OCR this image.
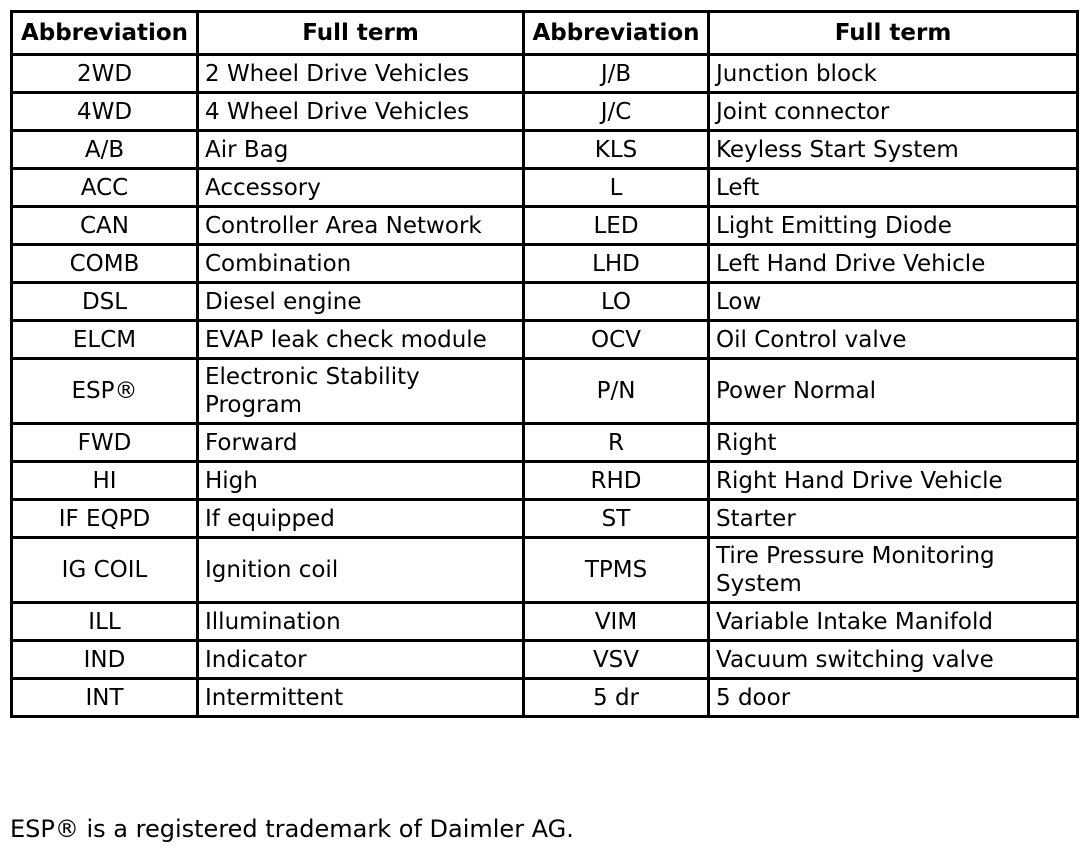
Abbreviation	Full term	Abbreviation	Full term
2WD	2 Wheel Drive Vehicles	J/B	Junction block
4WD	4 Wheel Drive Vehicles	J/C	Joint connector
A/B	Air Bag	KLS	Keyless Start System
ACC	Accessory	L	Left
CAN	Controller Area Network	LED	Light Emitting Diode
COMB	Combination	LHD	Left Hand Drive Vehicle
DSL	Diesel engine	LO	Low
ELCM	EVAP leak check module	OCV	Oil Control valve
ESP®	Electronic Stability Program	P/N	Power Normal
FWD	Forward	R	Right
HI	High	RHD	Right Hand Drive Vehicle
IF EQPD	If equipped	ST	Starter
IG COIL	Ignition coil	TPMS	Tire Pressure Monitoring System
ILL	Illumination	VIM	Variable Intake Manifold
IND	Indicator	VSV	Vacuum switching valve
INT	Intermittent	5 dr	5 door

ESP® is a registered trademark of Daimler AG.
